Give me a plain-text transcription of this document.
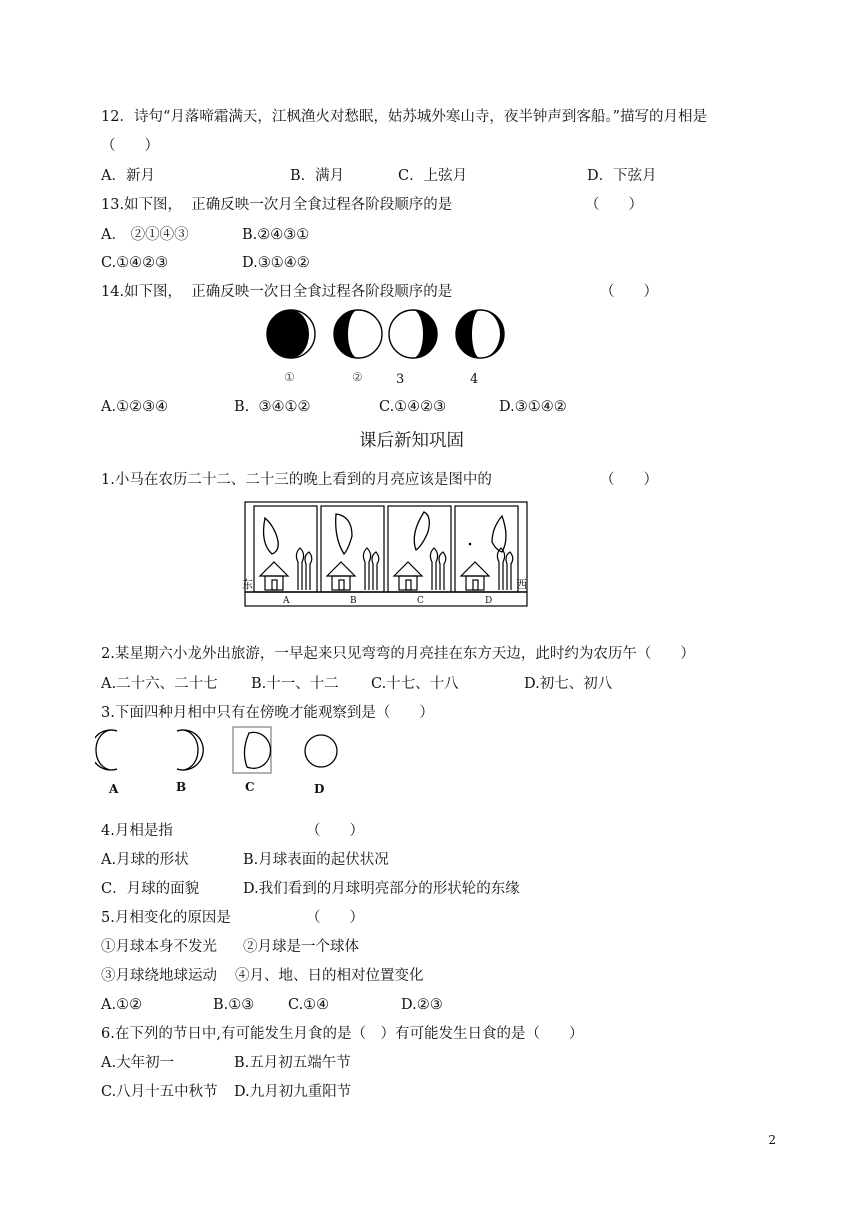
12．诗句“月落啼霜满天，江枫渔火对愁眠，姑苏城外寒山寺，夜半钟声到客船。”描写的月相是
（　　）
A．新月	B．满月	C．上弦月	D．下弦月
13.如下图，  正确反映一次月全食过程各阶段顺序的是	（　　）
A． ②①④③	B.②④③①
C.①④②③	D.③①④②
14.如下图，  正确反映一次日全食过程各阶段顺序的是	（　　）
①	②	3	4
A.①②③④	B.  ③④①②	C.①④②③	D.③①④②
课后新知巩固
1.小马在农历二十二、二十三的晚上看到的月亮应该是图中的	（　　）
东	西
A	B	C	D
2.某星期六小龙外出旅游，一早起来只见弯弯的月亮挂在东方天边，此时约为农历午（　　）
A.二十六、二十七 B.十一、十二 C.十七、十八	D.初七、初八
3.下面四种月相中只有在傍晚才能观察到是（　　）
A	B	C	D
4.月相是指	（　　）
A.月球的形状	B.月球表面的起伏状况
C．月球的面貌	D.我们看到的月球明亮部分的形状轮的东缘
5.月相变化的原因是	（　　）
①月球本身不发光 ②月球是一个球体
③月球绕地球运动 ④月、地、日的相对位置变化
A.①②	B.①③ C.①④	D.②③
6.在下列的节日中,有可能发生月食的是（　）有可能发生日食的是（　　）
A.大年初一	B.五月初五端午节
C.八月十五中秋节 D.九月初九重阳节
2
